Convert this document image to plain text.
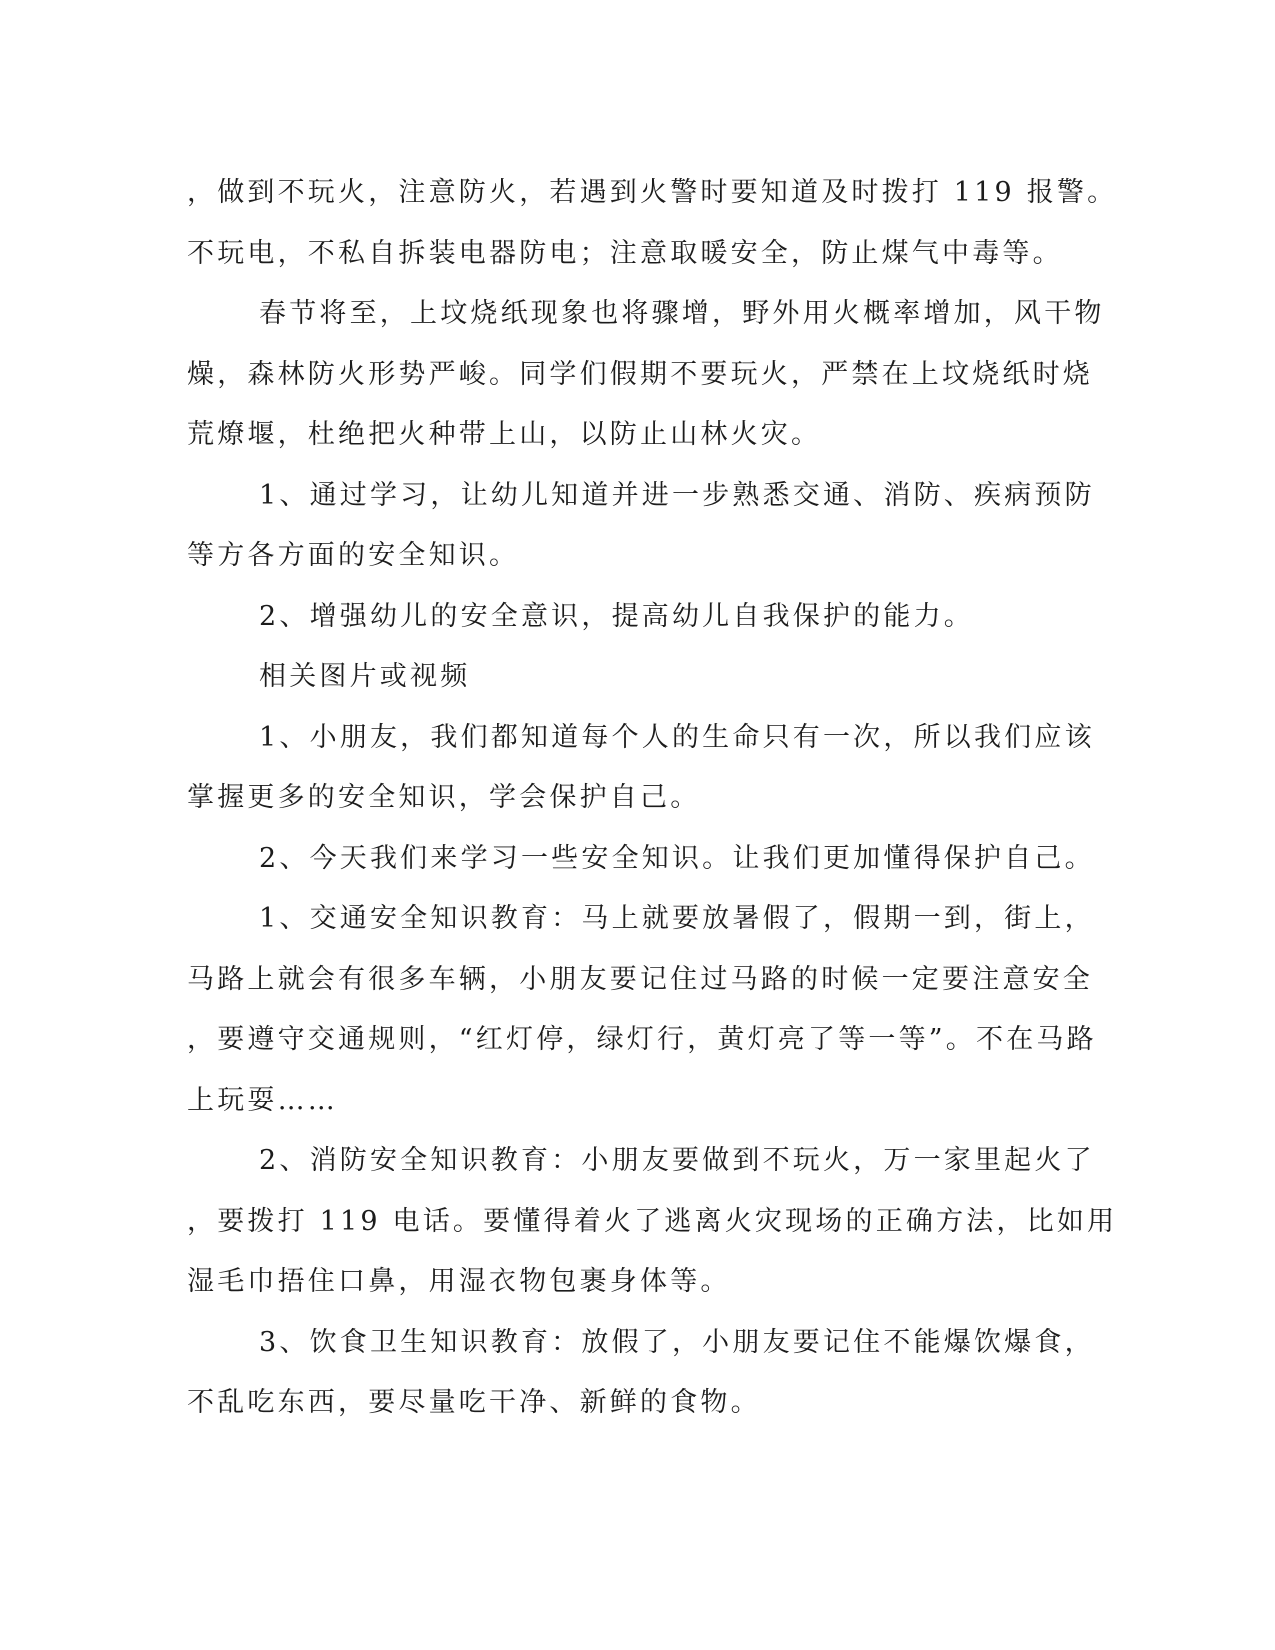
，做到不玩火，注意防火，若遇到火警时要知道及时拨打 119 报警。
不玩电，不私自拆装电器防电；注意取暖安全，防止煤气中毒等。
春节将至，上坟烧纸现象也将骤增，野外用火概率增加，风干物
燥，森林防火形势严峻。同学们假期不要玩火，严禁在上坟烧纸时烧
荒燎堰，杜绝把火种带上山，以防止山林火灾。
1、通过学习，让幼儿知道并进一步熟悉交通、消防、疾病预防
等方各方面的安全知识。
2、增强幼儿的安全意识，提高幼儿自我保护的能力。
相关图片或视频
1、小朋友，我们都知道每个人的生命只有一次，所以我们应该
掌握更多的安全知识，学会保护自己。
2、今天我们来学习一些安全知识。让我们更加懂得保护自己。
1、交通安全知识教育：马上就要放暑假了，假期一到，街上，
马路上就会有很多车辆，小朋友要记住过马路的时候一定要注意安全
，要遵守交通规则，“红灯停，绿灯行，黄灯亮了等一等”。不在马路
上玩耍……
2、消防安全知识教育：小朋友要做到不玩火，万一家里起火了
，要拨打 119 电话。要懂得着火了逃离火灾现场的正确方法，比如用
湿毛巾捂住口鼻，用湿衣物包裹身体等。
3、饮食卫生知识教育：放假了，小朋友要记住不能爆饮爆食，
不乱吃东西，要尽量吃干净、新鲜的食物。
